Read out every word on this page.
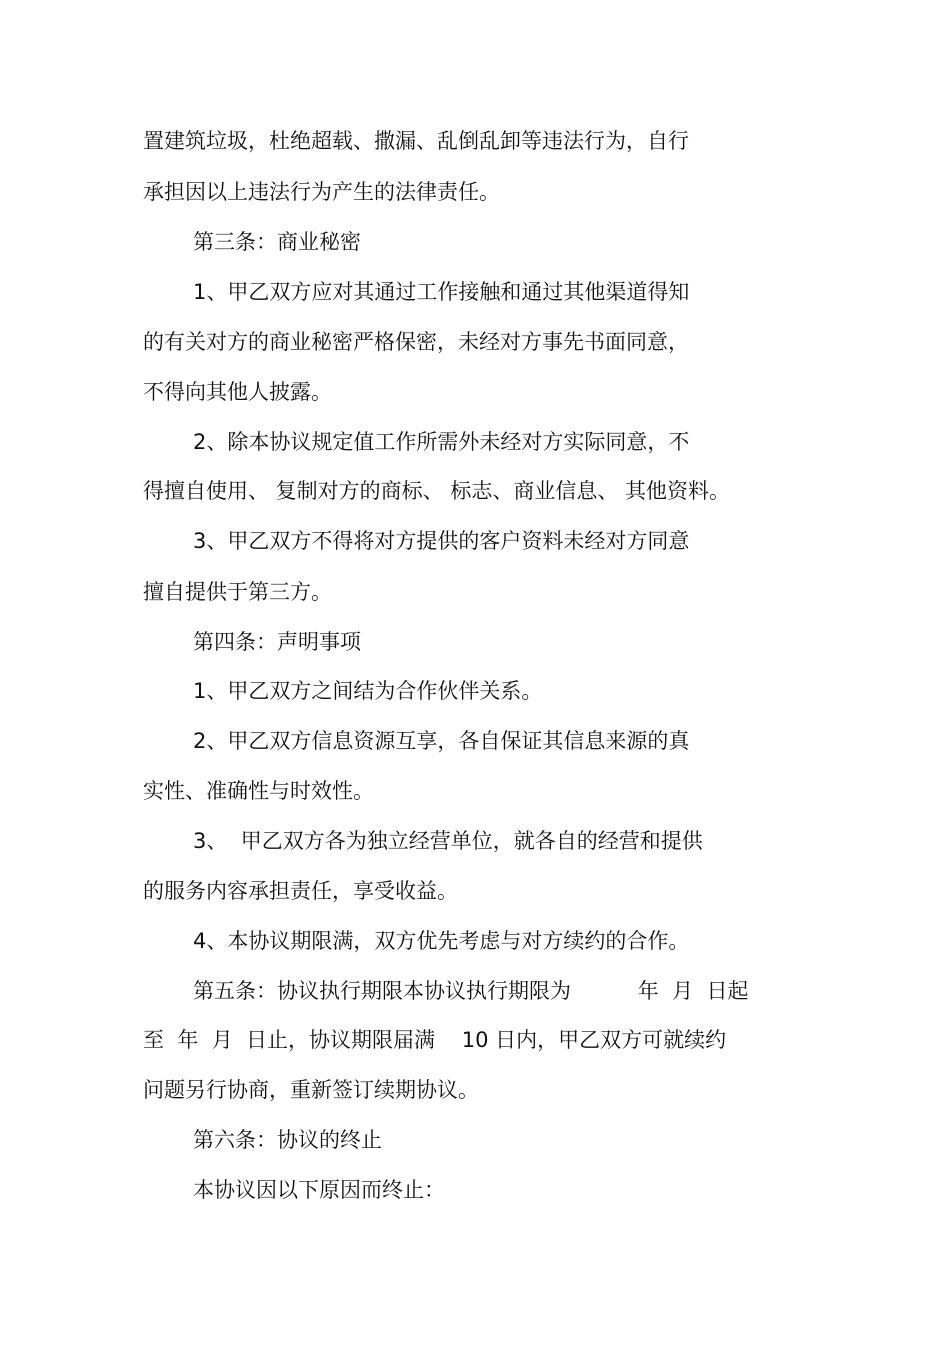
置建筑垃圾，杜绝超载、撒漏、乱倒乱卸等违法行为，自行
承担因以上违法行为产生的法律责任。
第三条：商业秘密
1、甲乙双方应对其通过工作接触和通过其他渠道得知
的有关对方的商业秘密严格保密，未经对方事先书面同意，
不得向其他人披露。
2、除本协议规定值工作所需外未经对方实际同意，不
得擅自使用、 复制对方的商标、 标志、商业信息、 其他资料。
3、甲乙双方不得将对方提供的客户资料未经对方同意
擅自提供于第三方。
第四条：声明事项
1、甲乙双方之间结为合作伙伴关系。
2、甲乙双方信息资源互享，各自保证其信息来源的真
实性、准确性与时效性。
3、  甲乙双方各为独立经营单位，就各自的经营和提供
的服务内容承担责任，享受收益。
4、本协议期限满，双方优先考虑与对方续约的合作。
第五条：协议执行期限本协议执行期限为          年  月  日起
至  年  月  日止，协议期限届满    10 日内，甲乙双方可就续约
问题另行协商，重新签订续期协议。
第六条：协议的终止
本协议因以下原因而终止：
